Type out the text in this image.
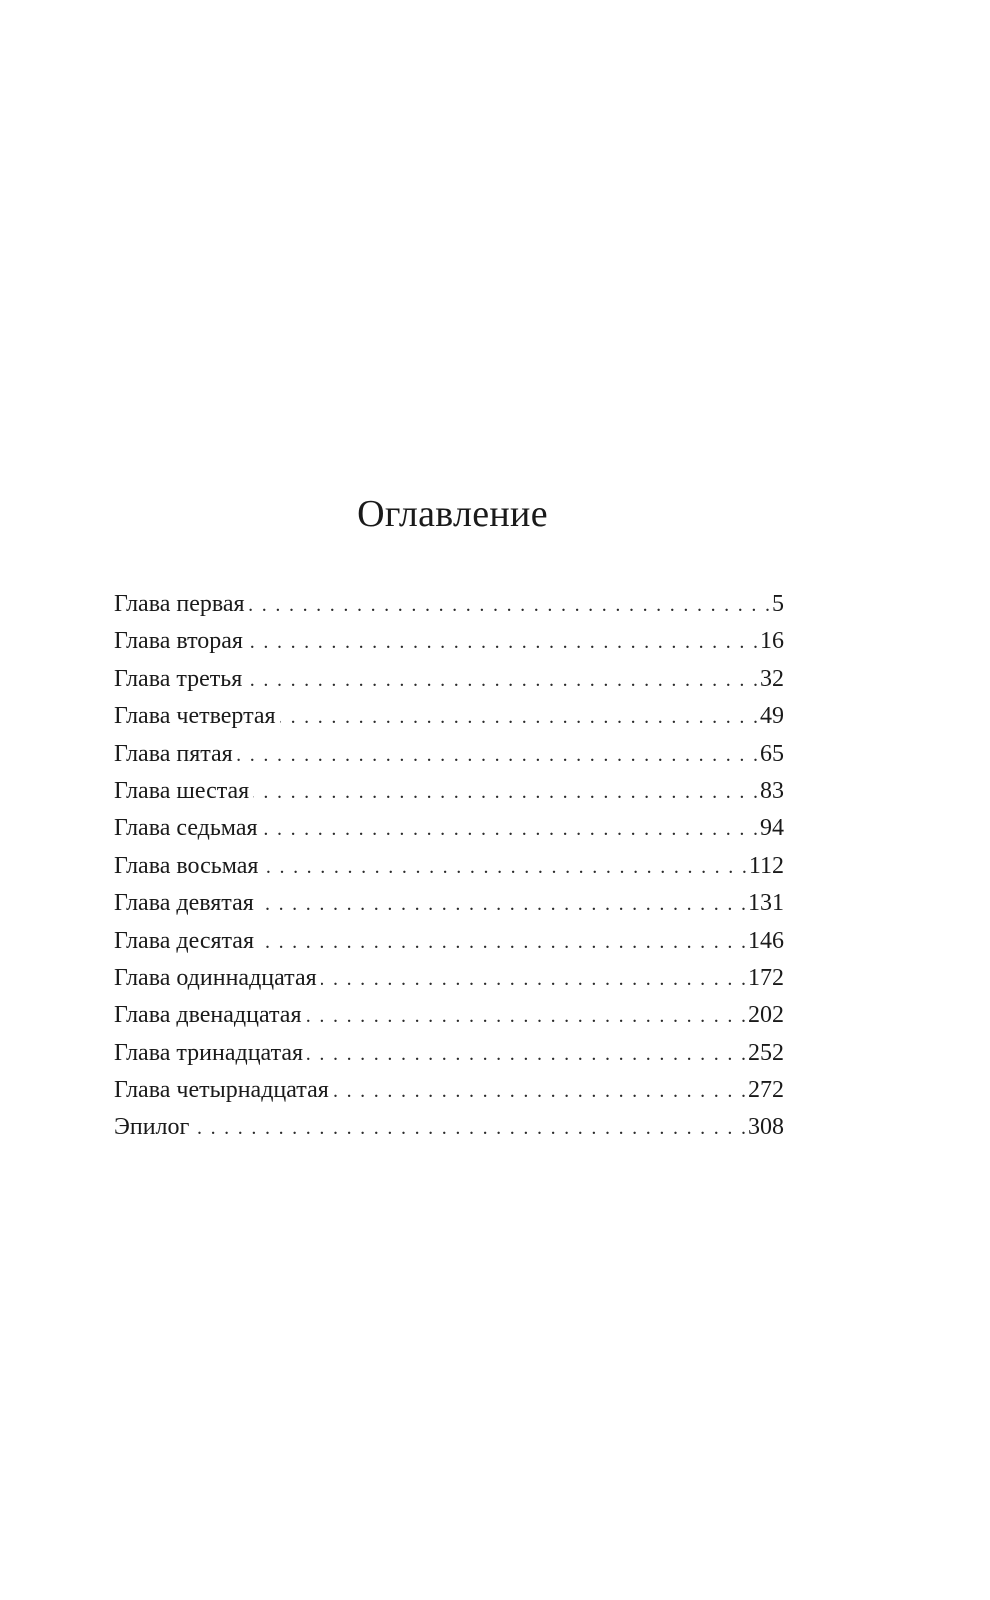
Оглавление
Глава первая . . .	5
Глава вторая . . .	16
Глава третья . . .	32
Глава четвертая . . .	49
Глава пятая . . .	65
Глава шестая . . .	83
Глава седьмая . . .	94
Глава восьмая . . .	112
Глава девятая . . .	131
Глава десятая . . .	146
Глава одиннадцатая . . .	172
Глава двенадцатая . . .	202
Глава тринадцатая . . .	252
Глава четырнадцатая . . .	272
Эпилог . . .	308
